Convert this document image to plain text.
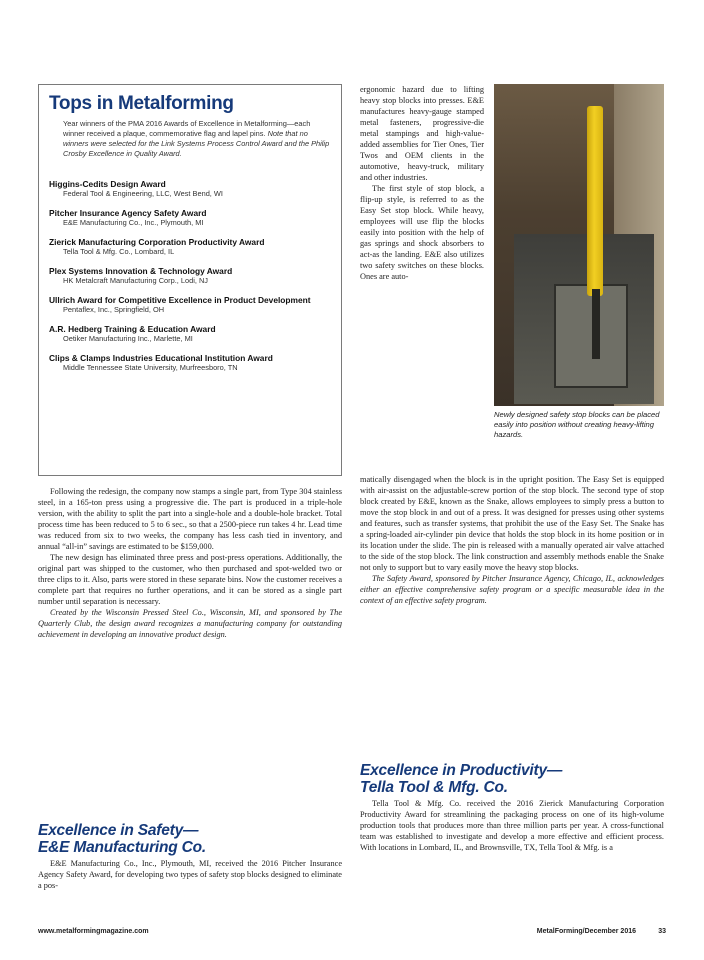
Tops in Metalforming
Year winners of the PMA 2016 Awards of Excellence in Metalforming—each winner received a plaque, commemorative flag and lapel pins. Note that no winners were selected for the Link Systems Process Control Award and the Philip Crosby Excellence in Quality Award.
Higgins-Cedits Design Award
Federal Tool & Engineering, LLC, West Bend, WI
Pitcher Insurance Agency Safety Award
E&E Manufacturing Co., Inc., Plymouth, MI
Zierick Manufacturing Corporation Productivity Award
Tella Tool & Mfg. Co., Lombard, IL
Plex Systems Innovation & Technology Award
HK Metalcraft Manufacturing Corp., Lodi, NJ
Ullrich Award for Competitive Excellence in Product Development
Pentaflex, Inc., Springfield, OH
A.R. Hedberg Training & Education Award
Oetiker Manufacturing Inc., Marlette, MI
Clips & Clamps Industries Educational Institution Award
Middle Tennessee State University, Murfreesboro, TN

ergonomic hazard due to lifting heavy stop blocks into presses. E&E manufactures heavy-gauge stamped metal fasteners, progressive-die metal stampings and high-value-added assemblies for Tier Ones, Tier Twos and OEM clients in the automotive, heavy-truck, military and other industries.

The first style of stop block, a flip-up style, is referred to as the Easy Set stop block. While heavy, employees will use flip the blocks easily into position with the help of gas springs and shock absorbers to act-as the landing. E&E also utilizes two safety switches on these blocks. Ones are auto-

Newly designed safety stop blocks can be placed easily into position without creating heavy-lifting hazards.

matically disengaged when the block is in the upright position. The Easy Set is equipped with air-assist on the adjustable-screw portion of the stop block. The second type of stop block created by E&E, known as the Snake, allows employees to simply press a button to move the stop block in and out of a press. It was designed for presses using other systems and features, such as transfer systems, that prohibit the use of the Easy Set. The Snake has a spring-loaded air-cylinder pin device that holds the stop block in its home position or in its location under the slide. The pin is released with a manually operated air valve attached to the side of the stop block. The link construction and assembly methods enable the Snake not only to support but to vary easily move the heavy stop blocks.

The Safety Award, sponsored by Pitcher Insurance Agency, Chicago, IL, acknowledges either an effective comprehensive safety program or a specific measurable idea in the context of an effective safety program.

Following the redesign, the company now stamps a single part, from Type 304 stainless steel, in a 165-ton press using a progressive die. The part is produced in a triple-hole version, with the ability to split the part into a single-hole and a double-hole bracket. Total process time has been reduced to 5 to 6 sec., so that a 2500-piece run takes 4 hr. Lead time was reduced from six to two weeks, the company has less cash tied in inventory, and annual “all-in” savings are estimated to be $159,000.

The new design has eliminated three press and post-press operations. Additionally, the original part was shipped to the customer, who then purchased and spot-welded two or three clips to it. Also, parts were stored in these separate bins. Now the customer receives a complete part that requires no further operations, and it can be stored as a single part number until separation is necessary.

Created by the Wisconsin Pressed Steel Co., Wisconsin, MI, and sponsored by The Quarterly Club, the design award recognizes a manufacturing company for outstanding achievement in developing an innovative product design.

Excellence in Safety—
E&E Manufacturing Co.
Excellence in Productivity—
Tella Tool & Mfg. Co.

E&E Manufacturing Co., Inc., Plymouth, MI, received the 2016 Pitcher Insurance Agency Safety Award, for developing two types of safety stop blocks designed to eliminate a pos-

Tella Tool & Mfg. Co. received the 2016 Zierick Manufacturing Corporation Productivity Award for streamlining the packaging process on one of its high-volume production tools that produces more than three million parts per year. A cross-functional team was established to investigate and develop a more effective and efficient process. With locations in Lombard, IL, and Brownsville, TX, Tella Tool & Mfg. is a

www.metalformingmagazine.com	MetalForming/December 2016	33
